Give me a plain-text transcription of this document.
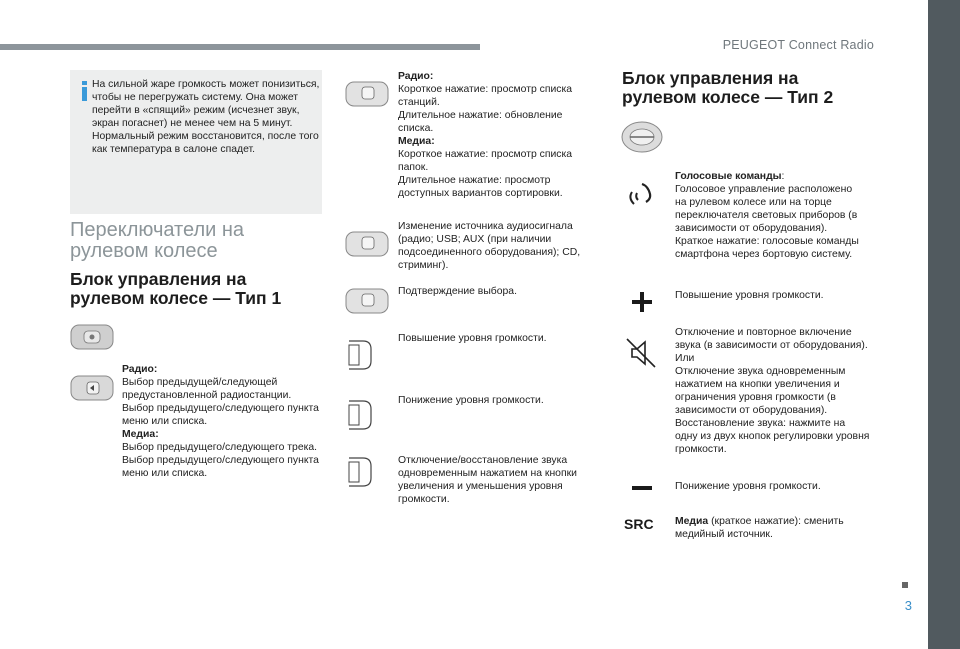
PEUGEOT Connect Radio
3
На сильной жаре громкость может понизиться,
чтобы не перегружать систему. Она может
перейти в «спящий» режим (исчезнет звук,
экран погаснет) не менее чем на 5 минут.
Нормальный режим восстановится, после того
как температура в салоне спадет.
Переключатели на
рулевом колесе
Блок управления на
рулевом колесе — Тип 1
Радио:
Выбор предыдущей/следующей
предустановленной радиостанции.
Выбор предыдущего/следующего пункта
меню или списка.
Медиа:
Выбор предыдущего/следующего трека.
Выбор предыдущего/следующего пункта
меню или списка.
Радио:
Короткое нажатие: просмотр списка
станций.
Длительное нажатие: обновление
списка.
Медиа:
Короткое нажатие: просмотр списка
папок.
Длительное нажатие: просмотр
доступных вариантов сортировки.
Изменение источника аудиосигнала
(радио; USB; AUX (при наличии
подсоединенного оборудования); CD,
стриминг).
Подтверждение выбора.
Повышение уровня громкости.
Понижение уровня громкости.
Отключение/восстановление звука
одновременным нажатием на кнопки
увеличения и уменьшения уровня
громкости.
Блок управления на
рулевом колесе — Тип 2
Голосовые команды:
Голосовое управление расположено
на рулевом колесе или на торце
переключателя световых приборов (в
зависимости от оборудования).
Краткое нажатие: голосовые команды
смартфона через бортовую систему.
Повышение уровня громкости.
Отключение и повторное включение
звука (в зависимости от оборудования).
Или
Отключение звука одновременным
нажатием на кнопки увеличения и
ограничения уровня громкости (в
зависимости от оборудования).
Восстановление звука: нажмите на
одну из двух кнопок регулировки уровня
громкости.
Понижение уровня громкости.
SRC Медиа (краткое нажатие): сменить
медийный источник.
